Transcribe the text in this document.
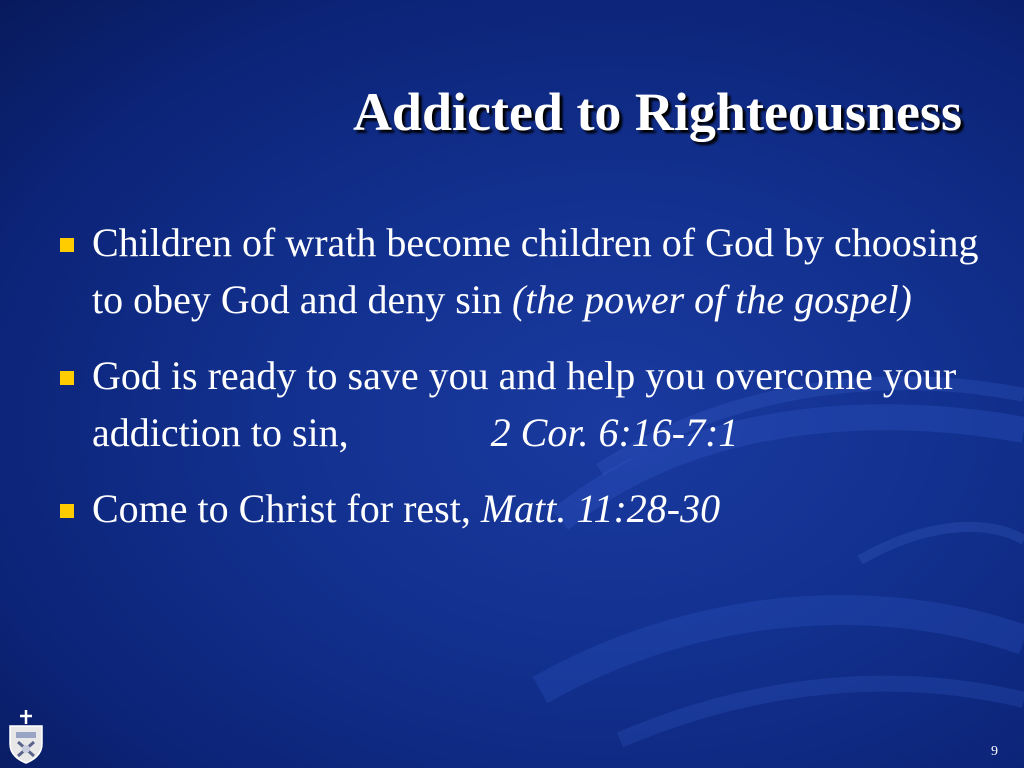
Addicted to Righteousness
Children of wrath become children of God by choosing to obey God and deny sin (the power of the gospel)
God is ready to save you and help you overcome your addiction to sin,	2 Cor. 6:16-7:1
Come to Christ for rest, Matt. 11:28-30
9
